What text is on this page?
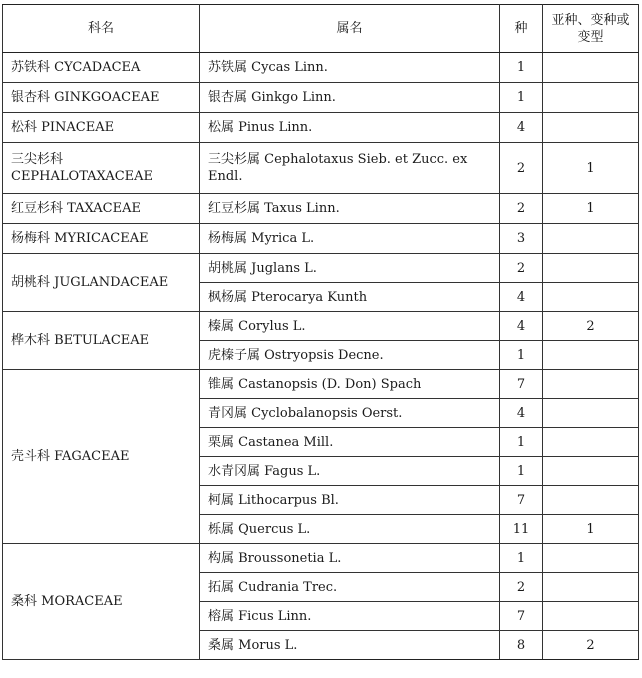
科名	属名	种	亚种、变种或变型
苏铁科 CYCADACEA	苏铁属 Cycas Linn.	1	
银杏科 GINKGOACEAE	银杏属 Ginkgo Linn.	1	
松科 PINACEAE	松属 Pinus Linn.	4	
三尖杉科 CEPHALOTAXACEAE	三尖杉属 Cephalotaxus Sieb. et Zucc. ex Endl.	2	1
红豆杉科 TAXACEAE	红豆杉属 Taxus Linn.	2	1
杨梅科 MYRICACEAE	杨梅属 Myrica L.	3	
胡桃科 JUGLANDACEAE	胡桃属 Juglans L.	2	
	枫杨属 Pterocarya Kunth	4	
桦木科 BETULACEAE	榛属 Corylus L.	4	2
	虎榛子属 Ostryopsis Decne.	1	
壳斗科 FAGACEAE	锥属 Castanopsis (D. Don) Spach	7	
	青冈属 Cyclobalanopsis Oerst.	4	
	栗属 Castanea Mill.	1	
	水青冈属 Fagus L.	1	
	柯属 Lithocarpus Bl.	7	
	栎属 Quercus L.	11	1
桑科 MORACEAE	构属 Broussonetia L.	1	
	拓属 Cudrania Trec.	2	
	榕属 Ficus Linn.	7	
	桑属 Morus L.	8	2
